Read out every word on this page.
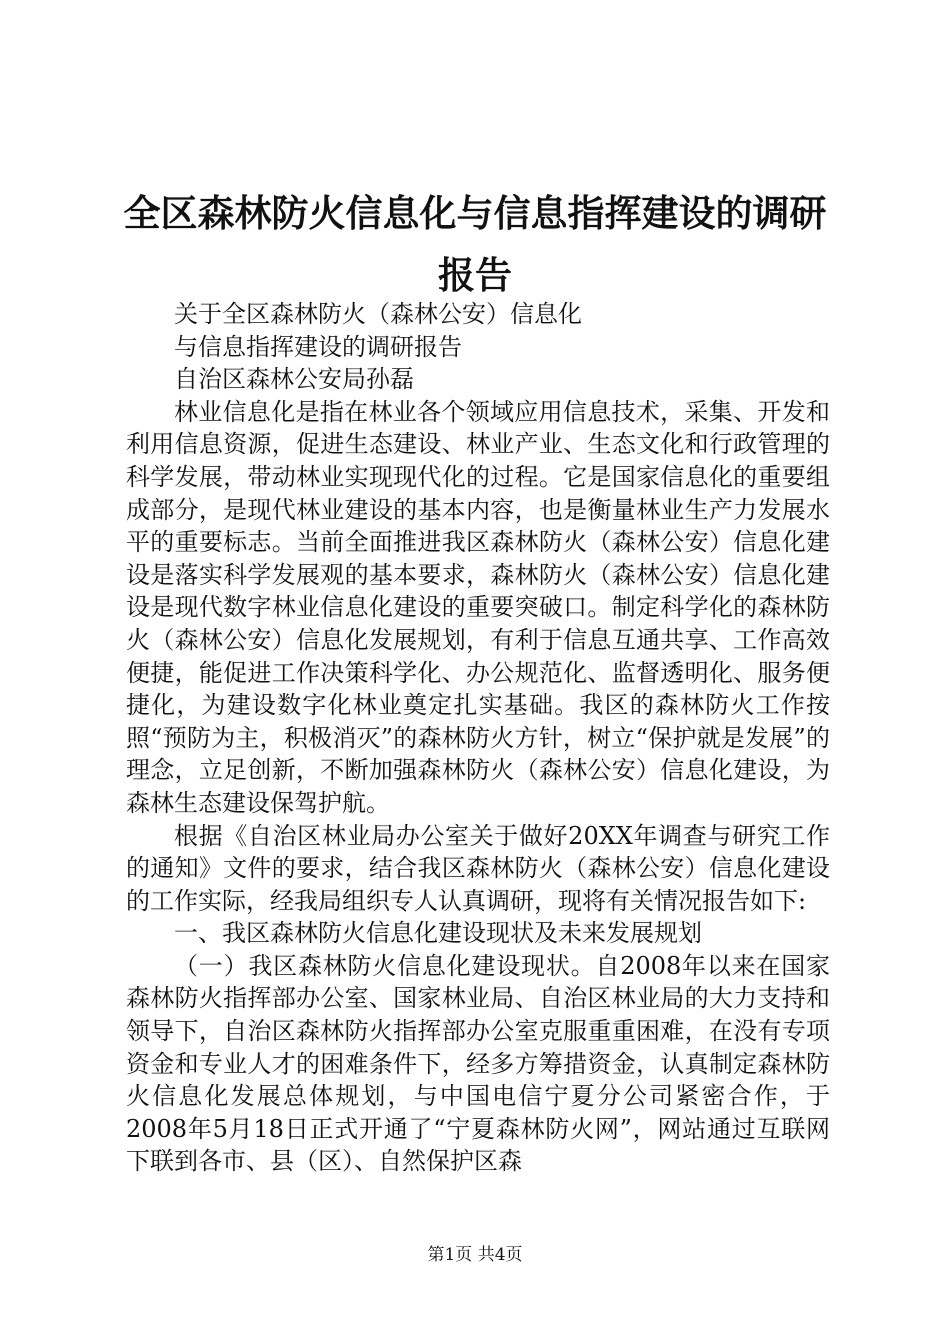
全区森林防火信息化与信息指挥建设的调研报告

关于全区森林防火（森林公安）信息化

与信息指挥建设的调研报告

自治区森林公安局孙磊

林业信息化是指在林业各个领域应用信息技术，采集、开发和利用信息资源，促进生态建设、林业产业、生态文化和行政管理的科学发展，带动林业实现现代化的过程。它是国家信息化的重要组成部分，是现代林业建设的基本内容，也是衡量林业生产力发展水平的重要标志。当前全面推进我区森林防火（森林公安）信息化建设是落实科学发展观的基本要求，森林防火（森林公安）信息化建设是现代数字林业信息化建设的重要突破口。制定科学化的森林防火（森林公安）信息化发展规划，有利于信息互通共享、工作高效便捷，能促进工作决策科学化、办公规范化、监督透明化、服务便捷化，为建设数字化林业奠定扎实基础。我区的森林防火工作按照“预防为主，积极消灭”的森林防火方针，树立“保护就是发展”的理念，立足创新，不断加强森林防火（森林公安）信息化建设，为森林生态建设保驾护航。

根据《自治区林业局办公室关于做好20XX年调查与研究工作的通知》文件的要求，结合我区森林防火（森林公安）信息化建设的工作实际，经我局组织专人认真调研，现将有关情况报告如下:

一、我区森林防火信息化建设现状及未来发展规划

（一）我区森林防火信息化建设现状。自2008年以来在国家森林防火指挥部办公室、国家林业局、自治区林业局的大力支持和领导下，自治区森林防火指挥部办公室克服重重困难，在没有专项资金和专业人才的困难条件下，经多方筹措资金，认真制定森林防火信息化发展总体规划，与中国电信宁夏分公司紧密合作，于2008年5月18日正式开通了“宁夏森林防火网”，网站通过互联网下联到各市、县（区）、自然保护区森

第1页 共4页
